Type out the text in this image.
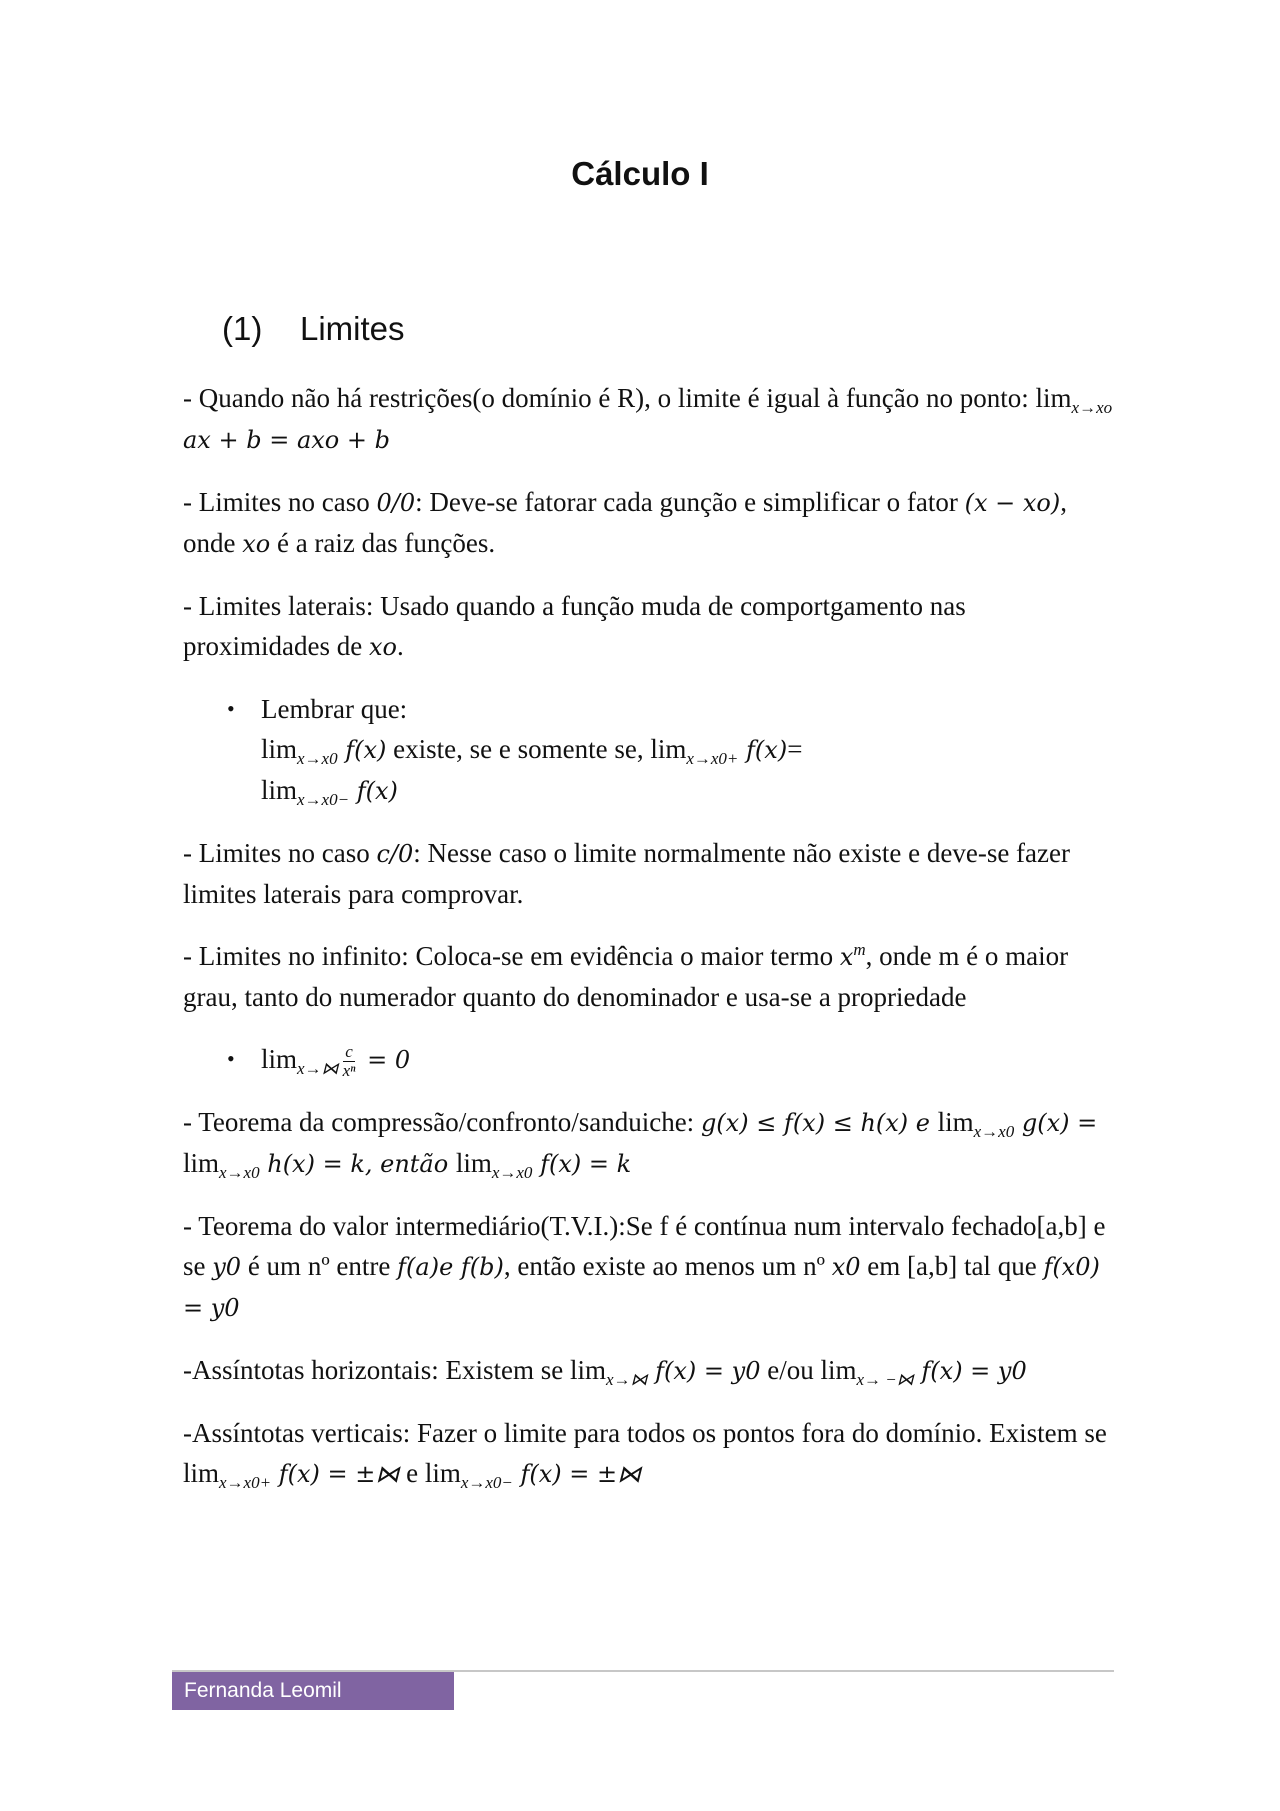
Cálculo I
(1) Limites
- Quando não há restrições(o domínio é R), o limite é igual à função no ponto: $\lim_{x\to xo}$ ax + b = axo + b
- Limites no caso 0/0: Deve-se fatorar cada gunção e simplificar o fator (x − xo), onde xo é a raiz das funções.
- Limites laterais: Usado quando a função muda de comportgamento nas proximidades de xo.
• Lembrar que:
$\lim_{x\to x0} f(x)$ existe, se e somente se, $\lim_{x\to x0+} f(x)=$
$\lim_{x\to x0-} f(x)$
- Limites no caso c/0: Nesse caso o limite normalmente não existe e deve-se fazer limites laterais para comprovar.
- Limites no infinito: Coloca-se em evidência o maior termo $x^m$, onde m é o maior grau, tanto do numerador quanto do denominador e usa-se a propriedade
• $\lim_{x\to⋈} \frac{c}{\text{xⁿ}} = 0$
- Teorema da compressão/confronto/sanduiche: g(x) ≤ f(x) ≤ h(x) e $\lim_{x\to x0} g(x) = \lim_{x\to x0} h(x) = k$, então $\lim_{x\to x0} f(x) = k$
- Teorema do valor intermediário(T.V.I.):Se f é contínua num intervalo fechado[a,b] e se y0 é um nº entre f(a)e f(b), então existe ao menos um nº x0 em [a,b] tal que f(x0) = y0
-Assíntotas horizontais: Existem se $\lim_{x\to⋈} f(x) = y0$ e/ou $\lim_{x\to -⋈} f(x) = y0$
-Assíntotas verticais: Fazer o limite para todos os pontos fora do domínio. Existem se $\lim_{x\to x0+} f(x)$ = ±⋈ e $\lim_{x\to x0-} f(x)$ = ±⋈
Fernanda Leomil
